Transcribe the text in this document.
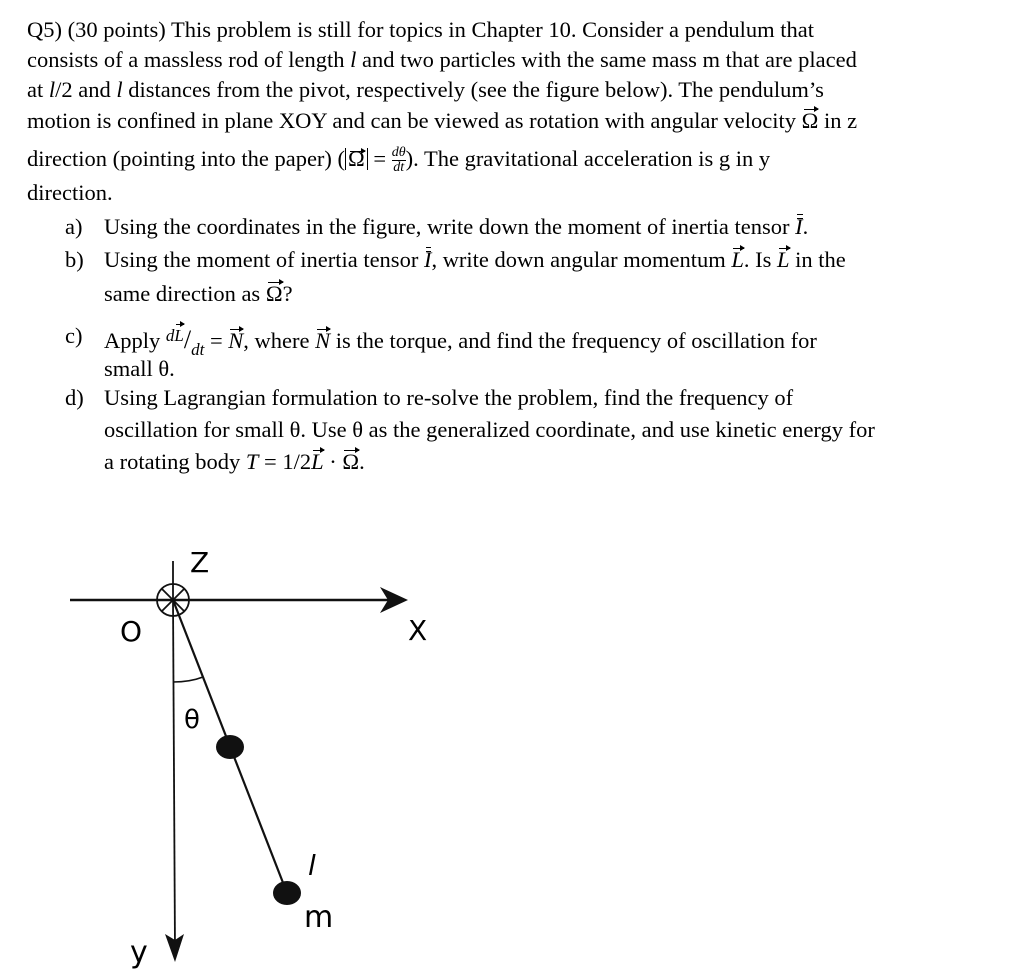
Q5) (30 points) This problem is still for topics in Chapter 10. Consider a pendulum that
consists of a massless rod of length l and two particles with the same mass m that are placed
at l/2 and l distances from the pivot, respectively (see the figure below). The pendulum’s
motion is confined in plane XOY and can be viewed as rotation with angular velocity Ω in z
direction (pointing into the paper) ( $\Omega = \frac{d\theta}{dt}$ ). The gravitational acceleration is g in y
direction.
a) Using the coordinates in the figure, write down the moment of inertia tensor I.
b) Using the moment of inertia tensor I, write down angular momentum L. Is L in the
same direction as Ω?
c) Apply $^dL/_{dt} = N$, where N is the torque, and find the frequency of oscillation for
small θ.
d) Using Lagrangian formulation to re-solve the problem, find the frequency of
oscillation for small θ. Use θ as the generalized coordinate, and use kinetic energy for
a rotating body T = 1/2L · Ω.
Z
O	X
θ
l
m
y
